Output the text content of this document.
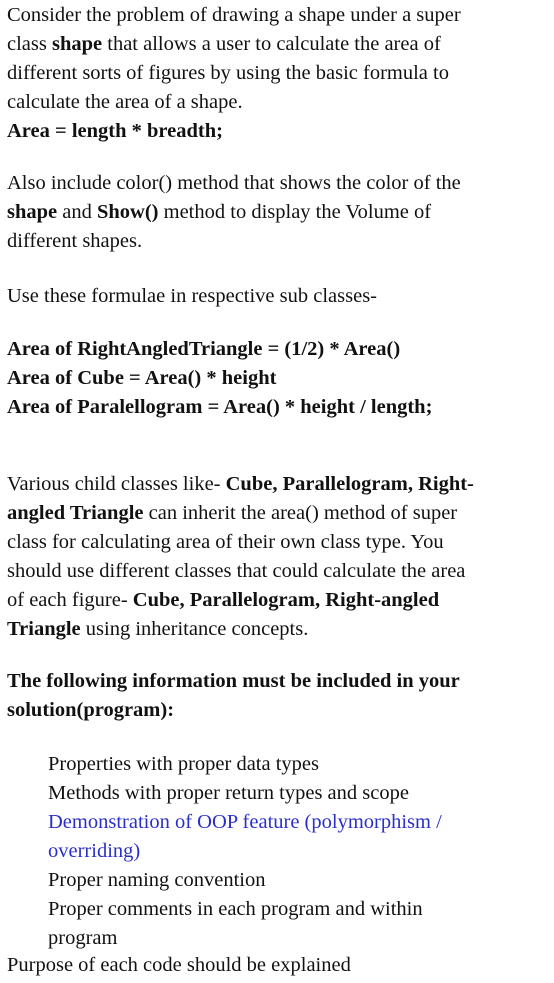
Consider the problem of drawing a shape under a super
class shape that allows a user to calculate the area of
different sorts of figures by using the basic formula to
calculate the area of a shape.
Area = length * breadth;

Also include color() method that shows the color of the
shape and Show() method to display the Volume of
different shapes.

Use these formulae in respective sub classes-

Area of RightAngledTriangle = (1/2) * Area()
Area of Cube = Area() * height
Area of Paralellogram = Area() * height / length;

Various child classes like- Cube, Parallelogram, Right-
angled Triangle can inherit the area() method of super
class for calculating area of their own class type. You
should use different classes that could calculate the area
of each figure- Cube, Parallelogram, Right-angled
Triangle using inheritance concepts.

The following information must be included in your
solution(program):

Properties with proper data types
Methods with proper return types and scope
Demonstration of OOP feature (polymorphism /
overriding)
Proper naming convention
Proper comments in each program and within
program

Purpose of each code should be explained
